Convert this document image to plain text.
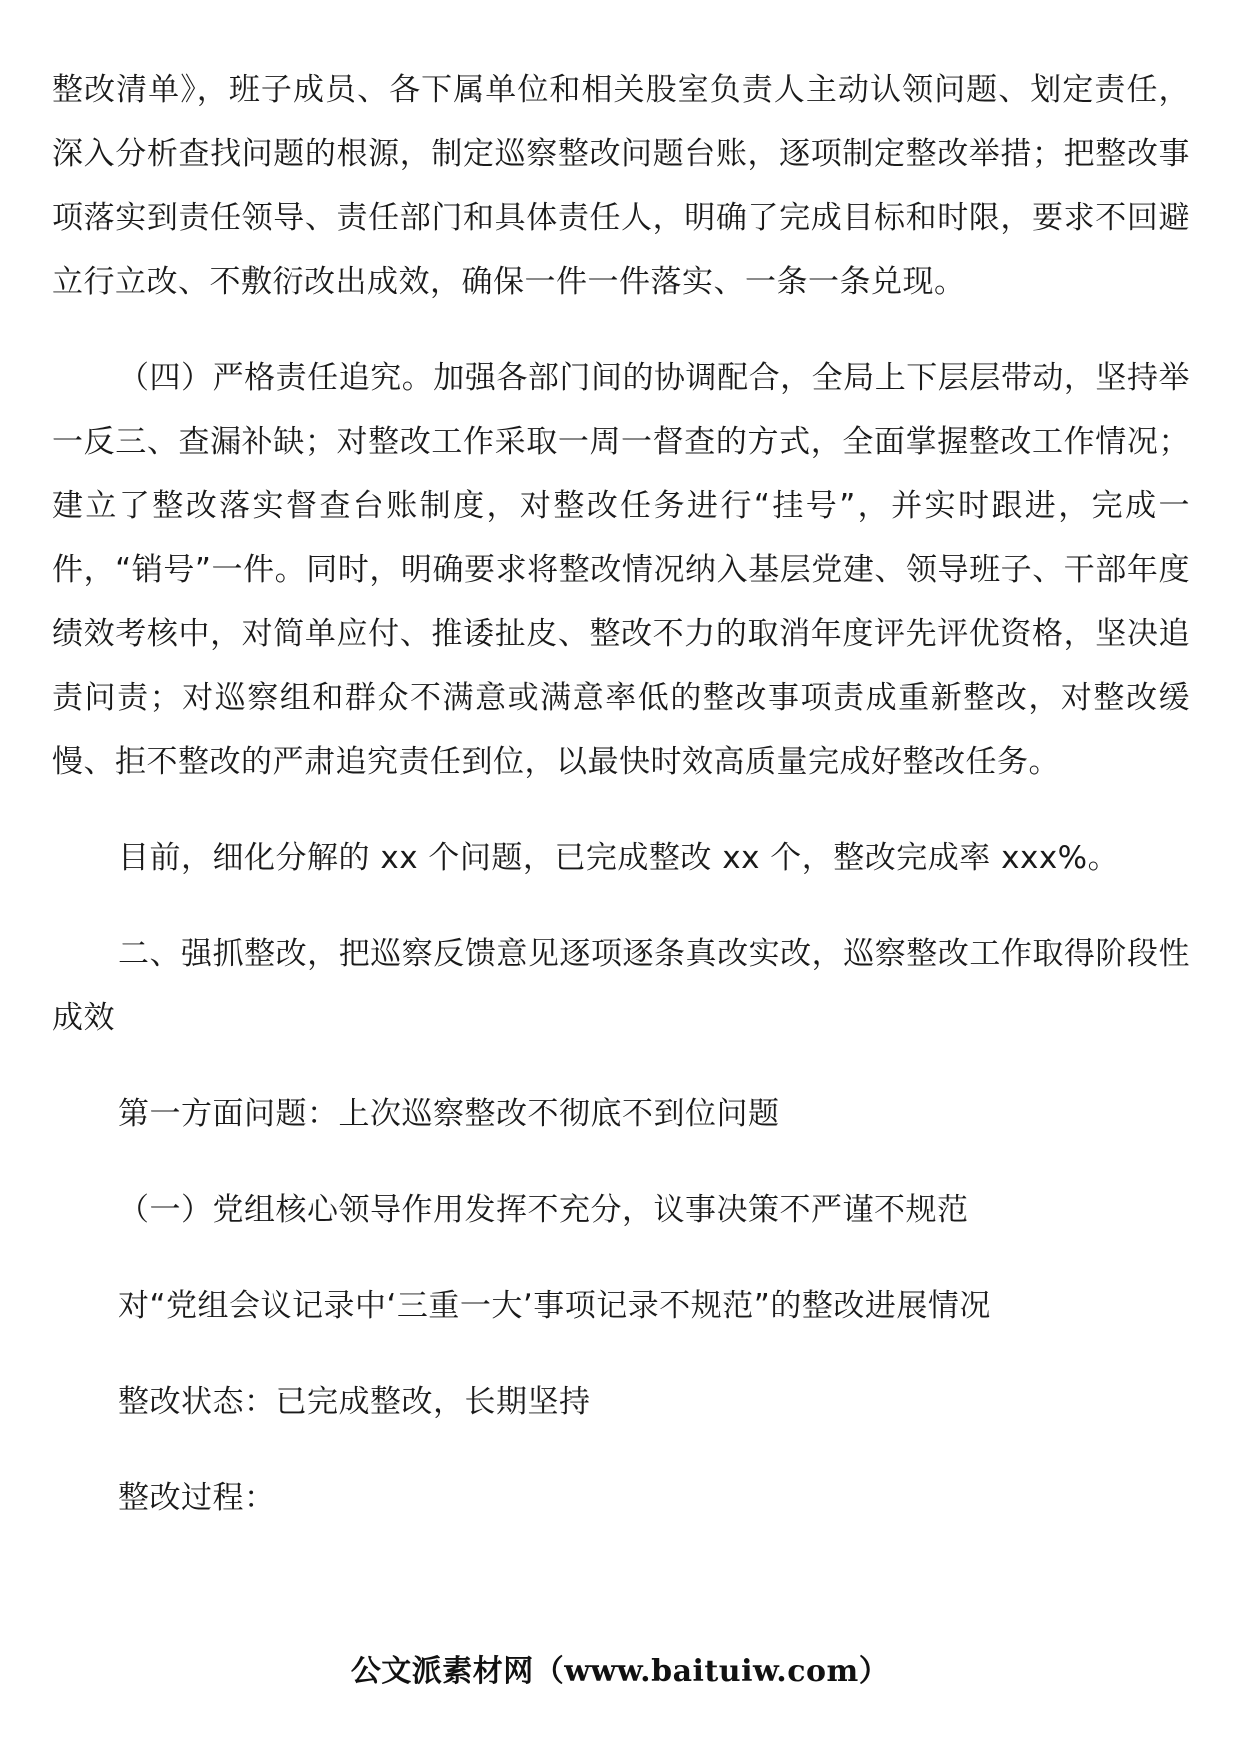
整改清单》，班子成员、各下属单位和相关股室负责人主动认领问题、划定责任，深入分析查找问题的根源，制定巡察整改问题台账，逐项制定整改举措；把整改事项落实到责任领导、责任部门和具体责任人，明确了完成目标和时限，要求不回避立行立改、不敷衍改出成效，确保一件一件落实、一条一条兑现。

（四）严格责任追究。加强各部门间的协调配合，全局上下层层带动，坚持举一反三、查漏补缺；对整改工作采取一周一督查的方式，全面掌握整改工作情况；建立了整改落实督查台账制度，对整改任务进行“挂号”，并实时跟进，完成一件，“销号”一件。同时，明确要求将整改情况纳入基层党建、领导班子、干部年度绩效考核中，对简单应付、推诿扯皮、整改不力的取消年度评先评优资格，坚决追责问责；对巡察组和群众不满意或满意率低的整改事项责成重新整改，对整改缓慢、拒不整改的严肃追究责任到位，以最快时效高质量完成好整改任务。

目前，细化分解的 xx 个问题，已完成整改 xx 个，整改完成率 xxx%。

二、强抓整改，把巡察反馈意见逐项逐条真改实改，巡察整改工作取得阶段性成效

第一方面问题：上次巡察整改不彻底不到位问题

（一）党组核心领导作用发挥不充分，议事决策不严谨不规范

对“党组会议记录中‘三重一大’事项记录不规范”的整改进展情况

整改状态：已完成整改，长期坚持

整改过程：

公文派素材网（www.baituiw.com）
